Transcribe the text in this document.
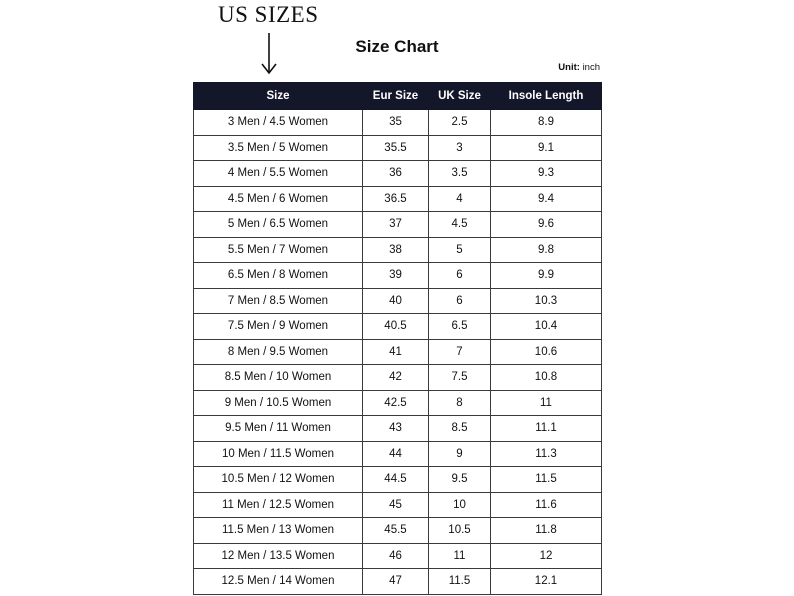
US SIZES
Size Chart
Unit: inch
Size	Eur Size	UK Size	Insole Length
3 Men / 4.5 Women	35	2.5	8.9
3.5 Men / 5 Women	35.5	3	9.1
4 Men / 5.5 Women	36	3.5	9.3
4.5 Men / 6 Women	36.5	4	9.4
5 Men / 6.5 Women	37	4.5	9.6
5.5 Men / 7 Women	38	5	9.8
6.5 Men / 8 Women	39	6	9.9
7 Men / 8.5 Women	40	6	10.3
7.5 Men / 9 Women	40.5	6.5	10.4
8 Men / 9.5 Women	41	7	10.6
8.5 Men / 10 Women	42	7.5	10.8
9 Men / 10.5 Women	42.5	8	11
9.5 Men / 11 Women	43	8.5	11.1
10 Men / 11.5 Women	44	9	11.3
10.5 Men / 12 Women	44.5	9.5	11.5
11 Men / 12.5 Women	45	10	11.6
11.5 Men / 13 Women	45.5	10.5	11.8
12 Men / 13.5 Women	46	11	12
12.5 Men / 14 Women	47	11.5	12.1
